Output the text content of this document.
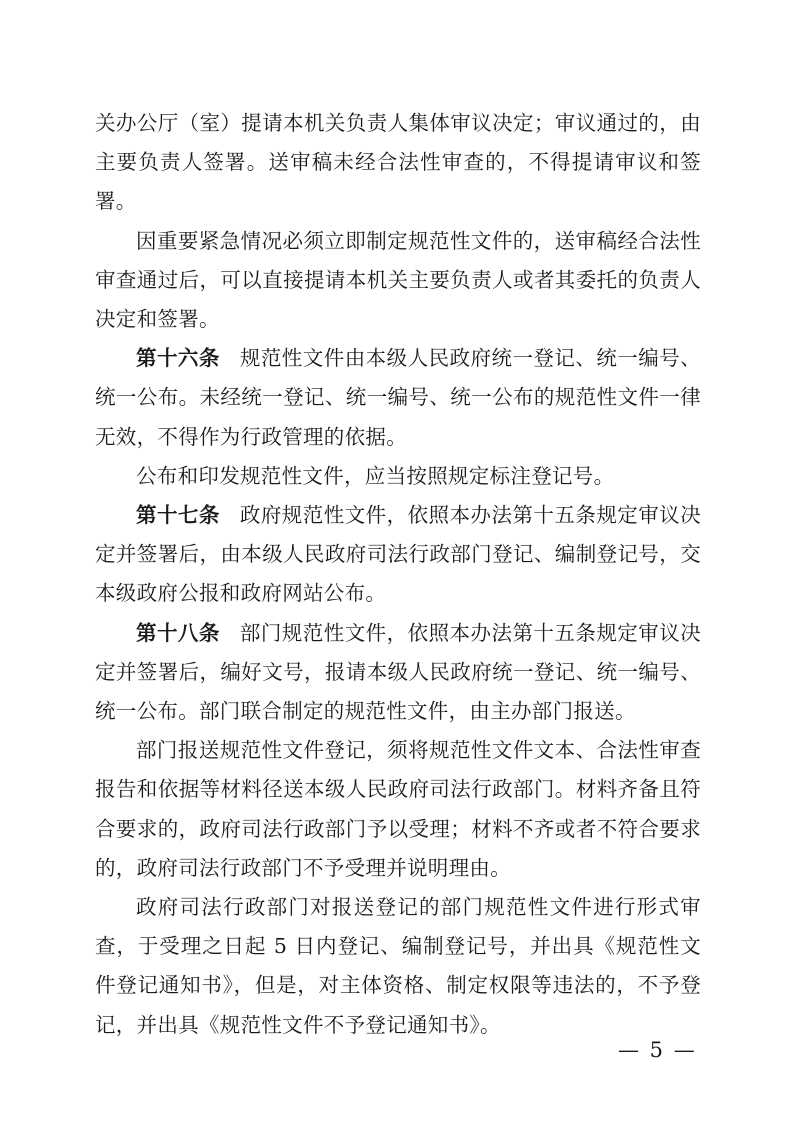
关办公厅（室）提请本机关负责人集体审议决定；审议通过的，由主要负责人签署。送审稿未经合法性审查的，不得提请审议和签署。

因重要紧急情况必须立即制定规范性文件的，送审稿经合法性审查通过后，可以直接提请本机关主要负责人或者其委托的负责人决定和签署。

第十六条 规范性文件由本级人民政府统一登记、统一编号、统一公布。未经统一登记、统一编号、统一公布的规范性文件一律无效，不得作为行政管理的依据。

公布和印发规范性文件，应当按照规定标注登记号。

第十七条 政府规范性文件，依照本办法第十五条规定审议决定并签署后，由本级人民政府司法行政部门登记、编制登记号，交本级政府公报和政府网站公布。

第十八条 部门规范性文件，依照本办法第十五条规定审议决定并签署后，编好文号，报请本级人民政府统一登记、统一编号、统一公布。部门联合制定的规范性文件，由主办部门报送。

部门报送规范性文件登记，须将规范性文件文本、合法性审查报告和依据等材料径送本级人民政府司法行政部门。材料齐备且符合要求的，政府司法行政部门予以受理；材料不齐或者不符合要求的，政府司法行政部门不予受理并说明理由。

政府司法行政部门对报送登记的部门规范性文件进行形式审查，于受理之日起 5 日内登记、编制登记号，并出具《规范性文件登记通知书》，但是，对主体资格、制定权限等违法的，不予登记，并出具《规范性文件不予登记通知书》。

— 5 —
